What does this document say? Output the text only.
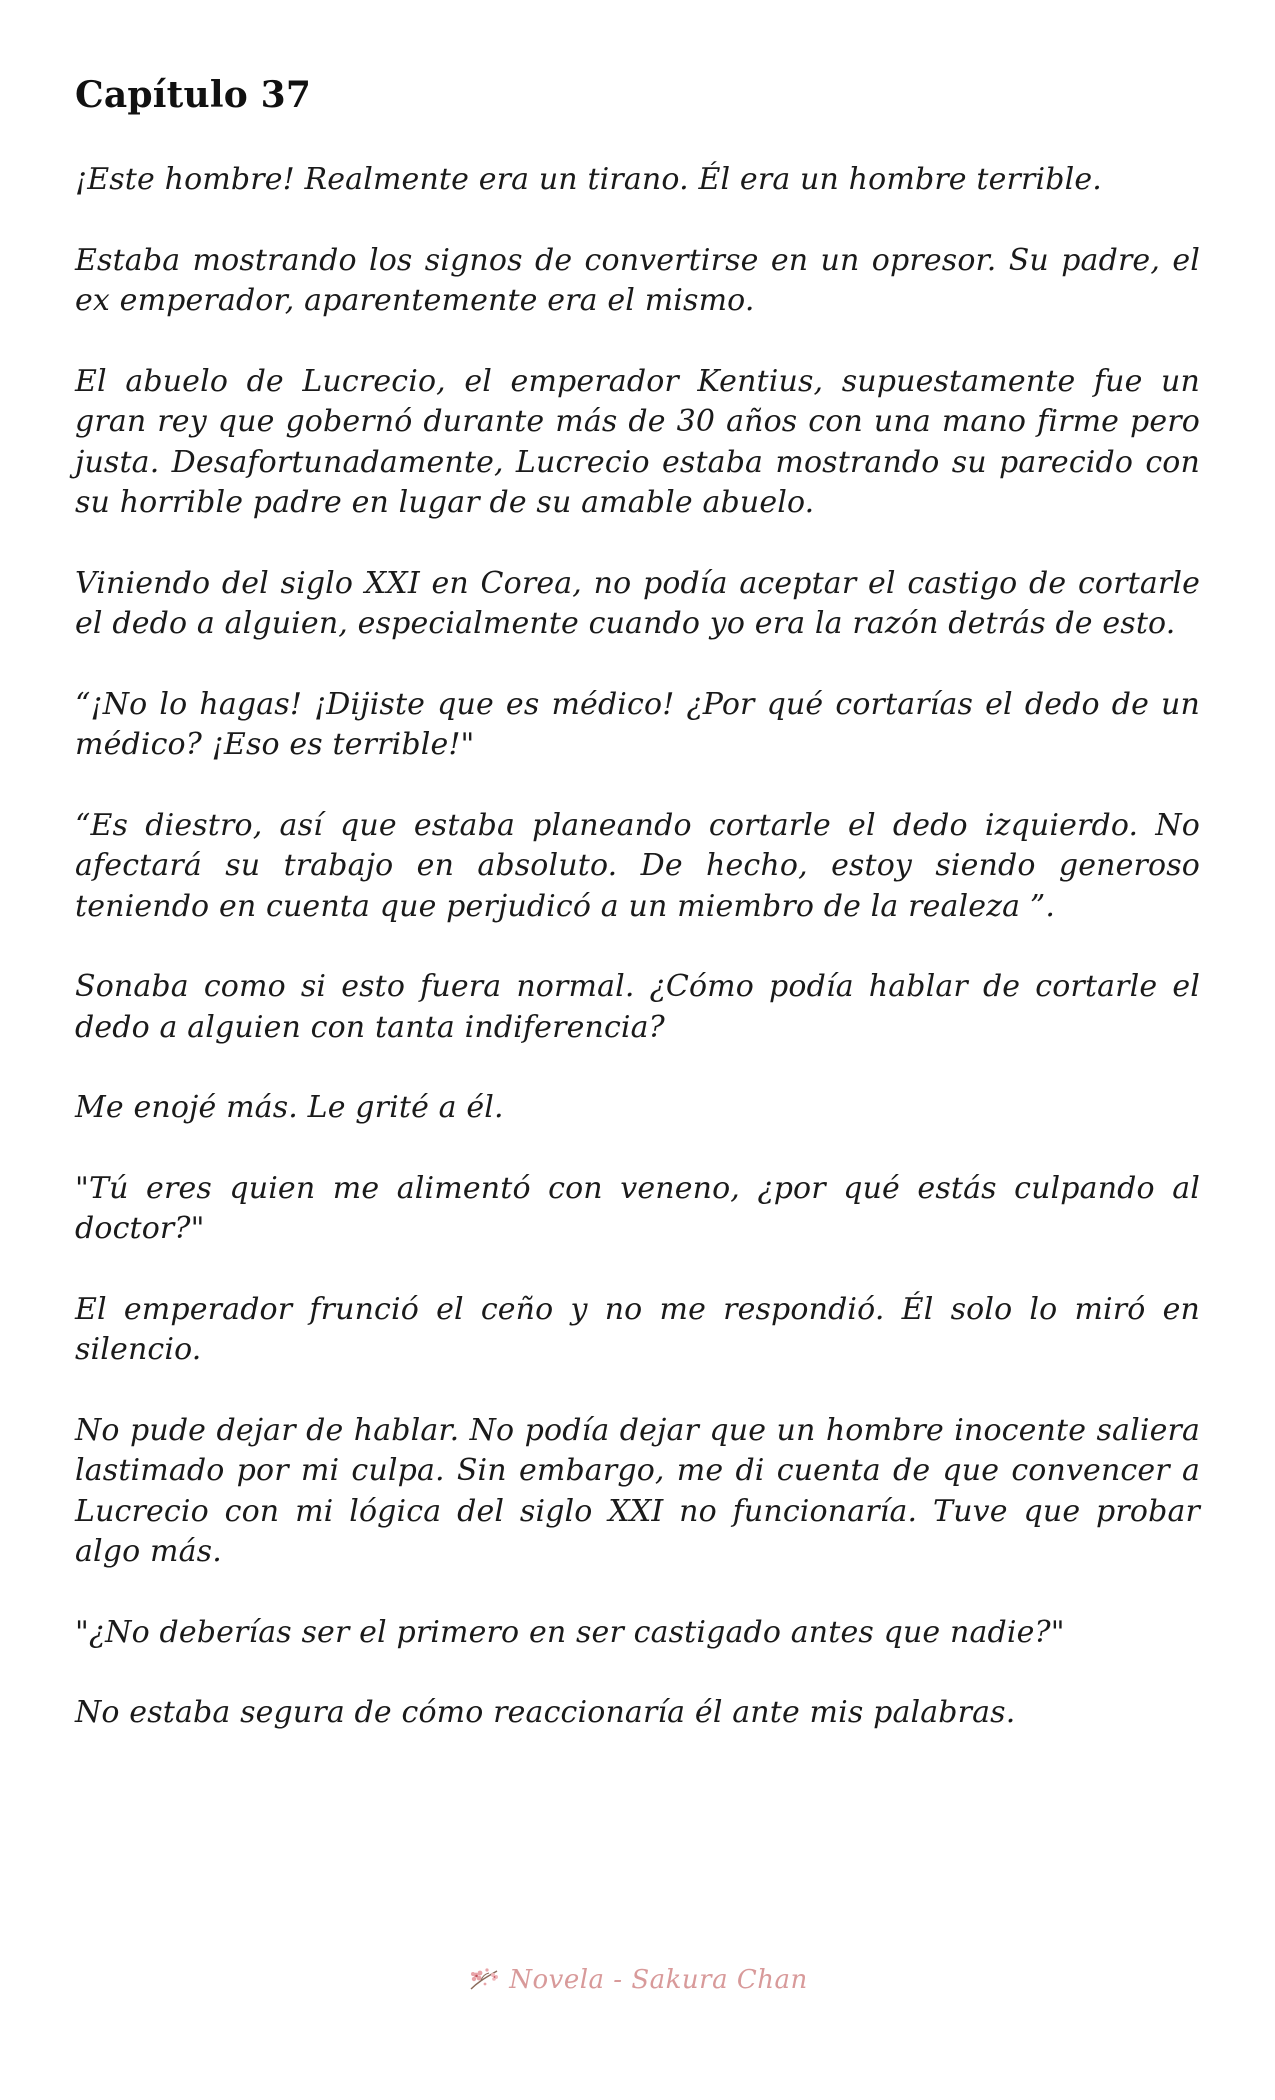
Capítulo 37

¡Este hombre! Realmente era un tirano. Él era un hombre terrible.

Estaba mostrando los signos de convertirse en un opresor. Su padre, el ex emperador, aparentemente era el mismo.

El abuelo de Lucrecio, el emperador Kentius, supuestamente fue un gran rey que gobernó durante más de 30 años con una mano firme pero justa. Desafortunadamente, Lucrecio estaba mostrando su parecido con su horrible padre en lugar de su amable abuelo.

Viniendo del siglo XXI en Corea, no podía aceptar el castigo de cortarle el dedo a alguien, especialmente cuando yo era la razón detrás de esto.

“¡No lo hagas! ¡Dijiste que es médico! ¿Por qué cortarías el dedo de un médico? ¡Eso es terrible!"

“Es diestro, así que estaba planeando cortarle el dedo izquierdo. No afectará su trabajo en absoluto. De hecho, estoy siendo generoso teniendo en cuenta que perjudicó a un miembro de la realeza ”.

Sonaba como si esto fuera normal. ¿Cómo podía hablar de cortarle el dedo a alguien con tanta indiferencia?

Me enojé más. Le grité a él.

"Tú eres quien me alimentó con veneno, ¿por qué estás culpando al doctor?"

El emperador frunció el ceño y no me respondió. Él solo lo miró en silencio.

No pude dejar de hablar. No podía dejar que un hombre inocente saliera lastimado por mi culpa. Sin embargo, me di cuenta de que convencer a Lucrecio con mi lógica del siglo XXI no funcionaría. Tuve que probar algo más.

"¿No deberías ser el primero en ser castigado antes que nadie?"

No estaba segura de cómo reaccionaría él ante mis palabras.

Novela - Sakura Chan
